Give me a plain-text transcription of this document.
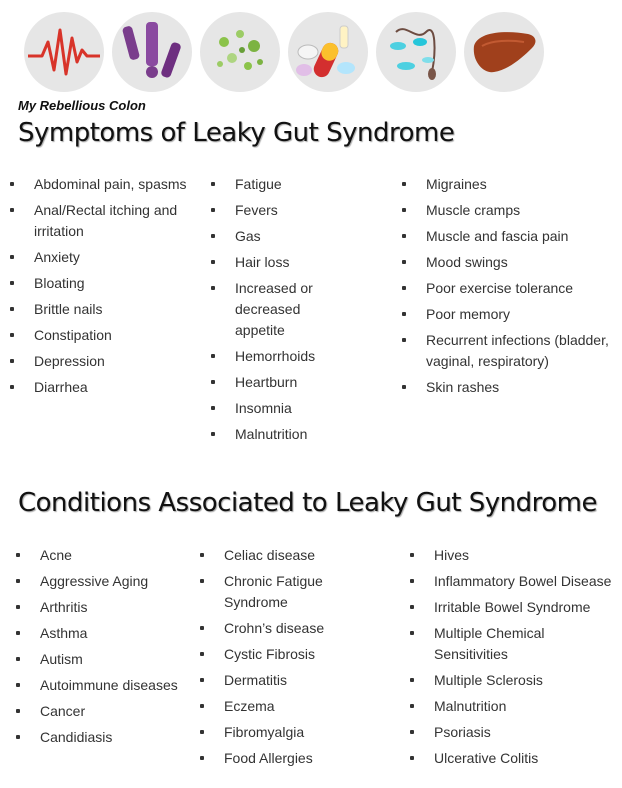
My Rebellious Colon
Symptoms of Leaky Gut Syndrome
Abdominal pain, spasms
Anal/Rectal itching and irritation
Anxiety
Bloating
Brittle nails
Constipation
Depression
Diarrhea
Fatigue
Fevers
Gas
Hair loss
Increased or decreased appetite
Hemorrhoids
Heartburn
Insomnia
Malnutrition
Migraines
Muscle cramps
Muscle and fascia pain
Mood swings
Poor exercise tolerance
Poor memory
Recurrent infections (bladder, vaginal, respiratory)
Skin rashes
Conditions Associated to Leaky Gut Syndrome
Acne
Aggressive Aging
Arthritis
Asthma
Autism
Autoimmune diseases
Cancer
Candidiasis
Celiac disease
Chronic Fatigue Syndrome
Crohn’s disease
Cystic Fibrosis
Dermatitis
Eczema
Fibromyalgia
Food Allergies
Hives
Inflammatory Bowel Disease
Irritable Bowel Syndrome
Multiple Chemical Sensitivities
Multiple Sclerosis
Malnutrition
Psoriasis
Ulcerative Colitis
